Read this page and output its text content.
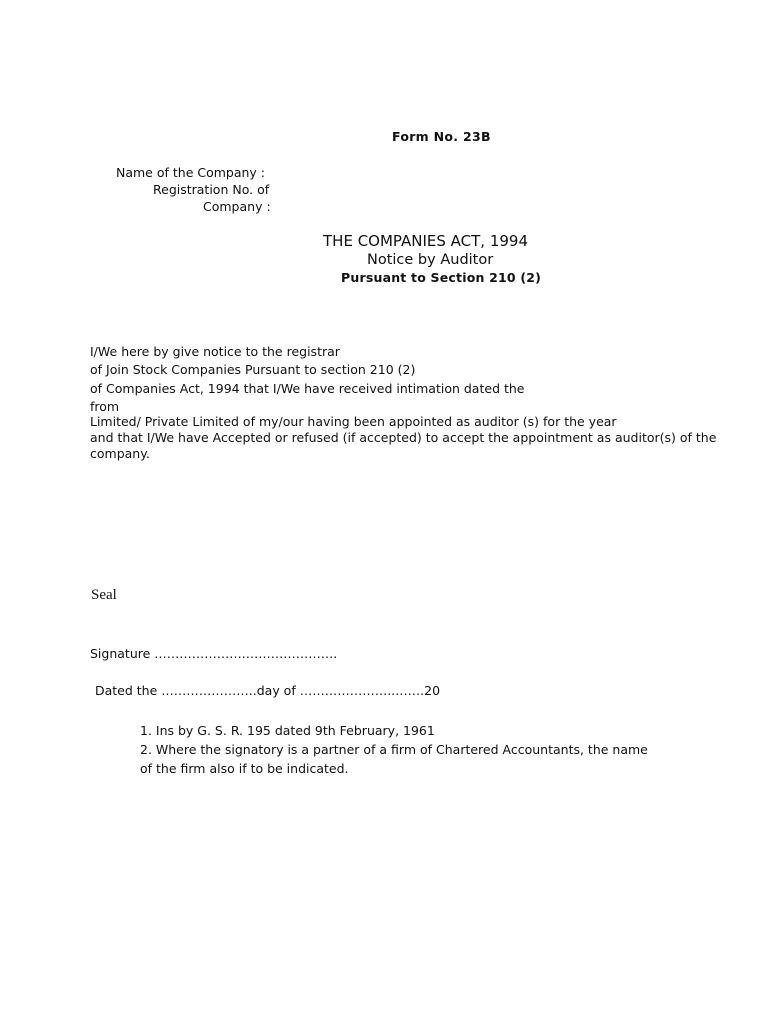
Form No. 23B
Name of the Company :
Registration No. of
Company :
THE COMPANIES ACT, 1994
Notice by Auditor
Pursuant to Section 210 (2)
I/We here by give notice to the registrar
of Join Stock Companies Pursuant to section 210 (2)
of Companies Act, 1994 that I/We have received intimation dated the
from
Limited/ Private Limited of my/our having been appointed as auditor (s) for the year
and that I/We have Accepted or refused (if accepted) to accept the appointment as auditor(s) of the
company.
Seal
Signature ………………….………………….
Dated the …………………..day of …………………..…….20
1. Ins by G. S. R. 195 dated 9th February, 1961
2. Where the signatory is a partner of a firm of Chartered Accountants, the name
of the firm also if to be indicated.
